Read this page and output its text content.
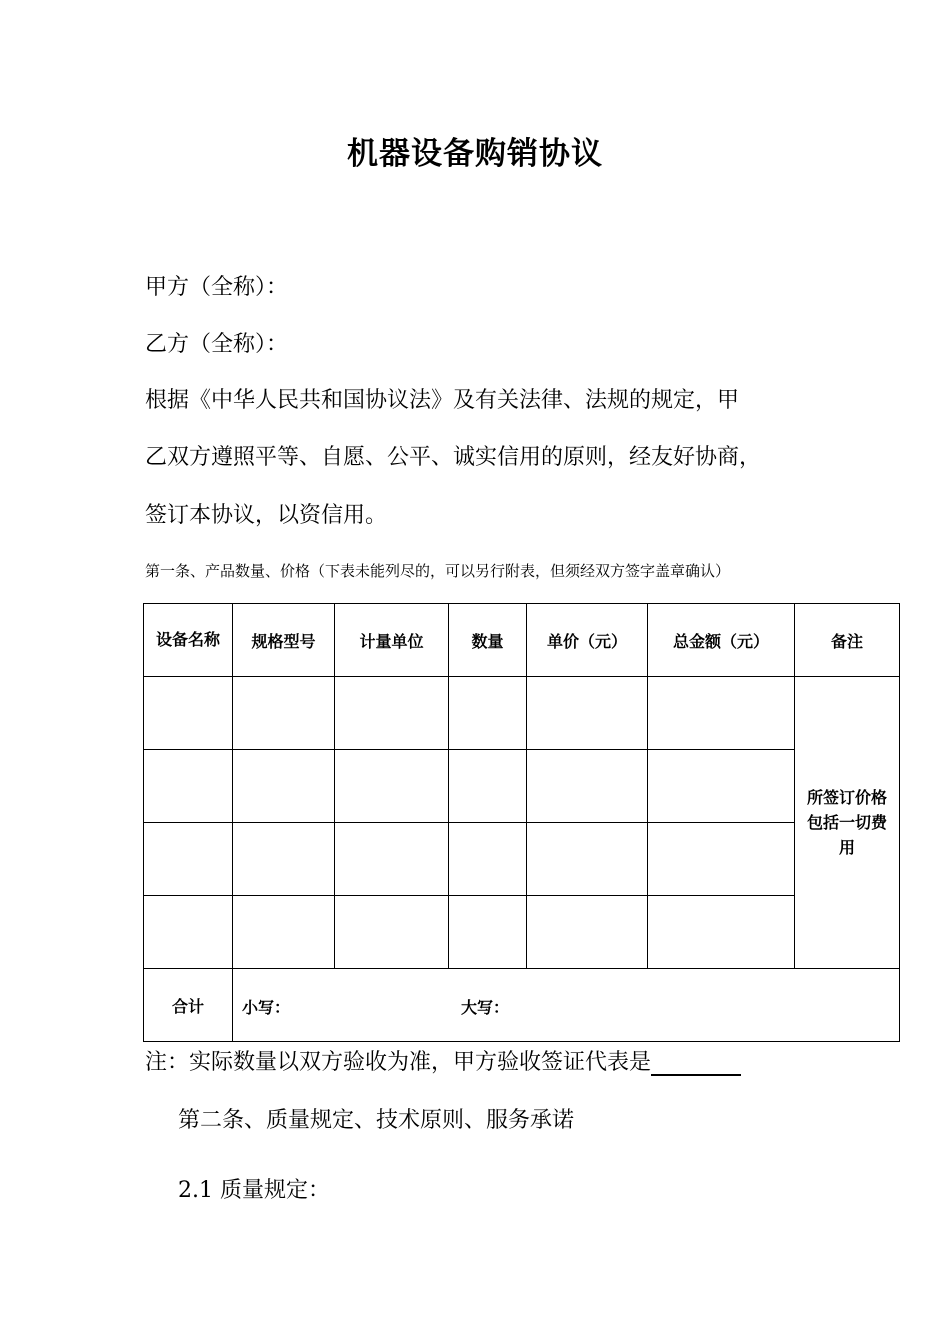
机器设备购销协议
甲方（全称）：
乙方（全称）：
根据《中华人民共和国协议法》及有关法律、法规的规定，甲
乙双方遵照平等、自愿、公平、诚实信用的原则，经友好协商，
签订本协议，以资信用。
第一条、产品数量、价格（下表未能列尽的，可以另行附表，但须经双方签字盖章确认）
设备名称	规格型号	计量单位	数量	单价（元）	总金额（元）	备注

						所签订价格包括一切费用

合计	小写： 大写：					
注：实际数量以双方验收为准，甲方验收签证代表是
第二条、质量规定、技术原则、服务承诺
2.1 质量规定：
